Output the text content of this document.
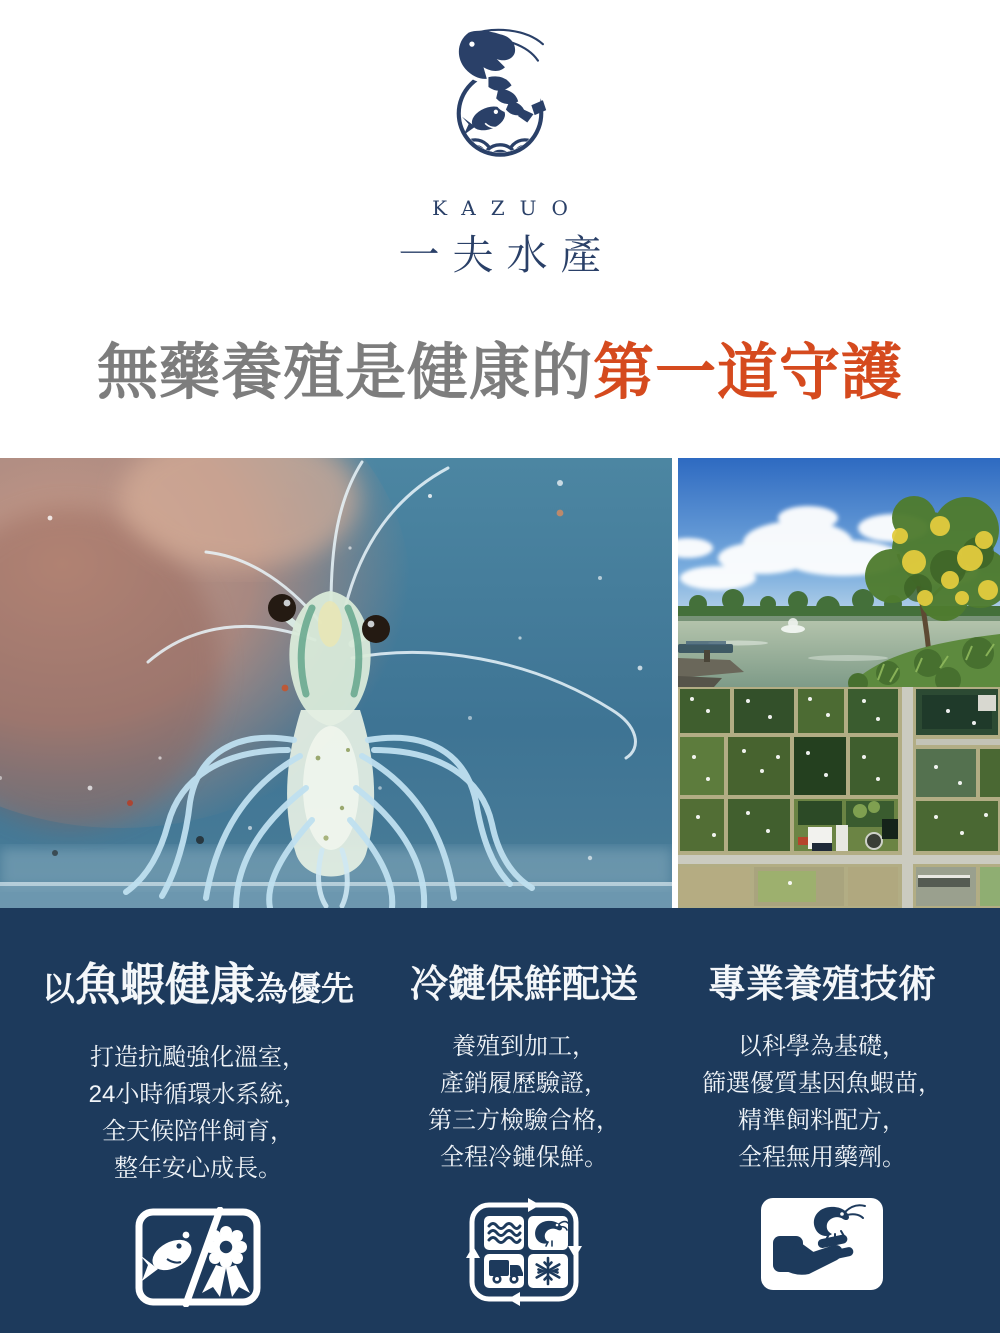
KAZUO
一夫水產
無藥養殖是健康的第一道守護
以魚蝦健康為優先
打造抗颱強化溫室，
24小時循環水系統，
全天候陪伴飼育，
整年安心成長。
冷鏈保鮮配送
養殖到加工，
產銷履歷驗證，
第三方檢驗合格，
全程冷鏈保鮮。
專業養殖技術
以科學為基礎，
篩選優質基因魚蝦苗，
精準飼料配方，
全程無用藥劑。
